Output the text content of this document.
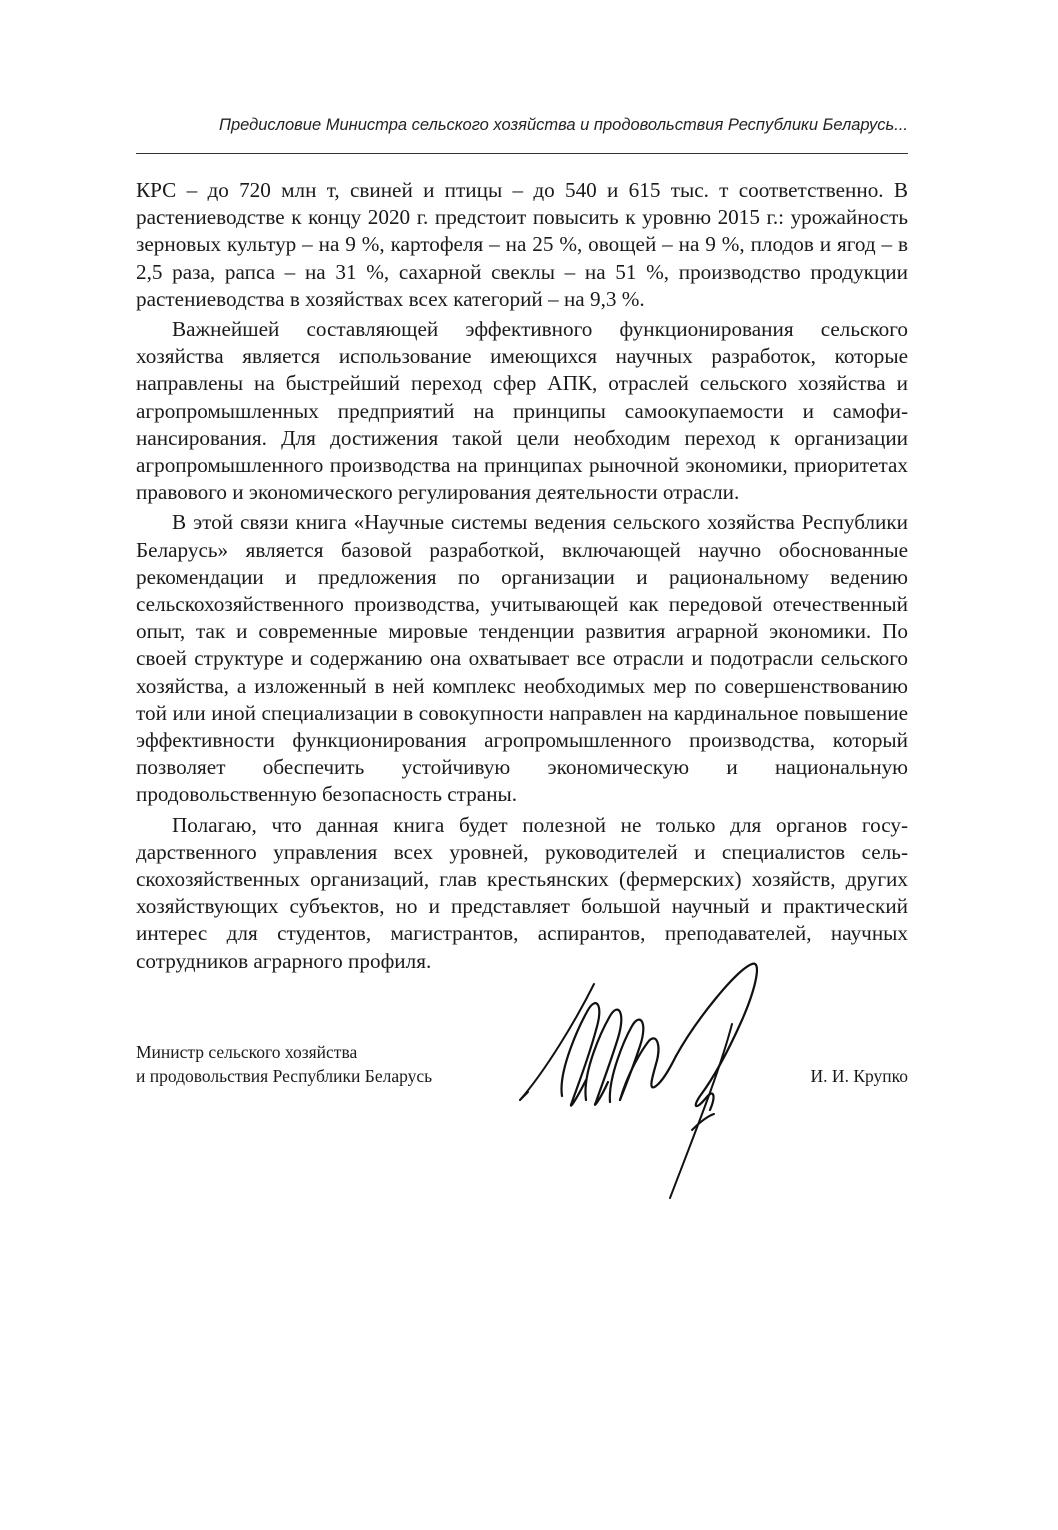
Предисловие Министра сельского хозяйства и продовольствия Республики Беларусь...

КРС – до 720 млн т, свиней и птицы – до 540 и 615 тыс. т соответственно. В растениеводстве к концу 2020 г. предстоит повысить к уровню 2015 г.: урожайность зерновых культур – на 9 %, картофеля – на 25 %, овощей – на 9 %, плодов и ягод – в 2,5 раза, рапса – на 31 %, сахарной свеклы – на 51 %, производство продукции растениеводства в хозяйствах всех категорий – на 9,3 %.

Важнейшей составляющей эффективного функционирования сельского хозяйства является использование имеющихся научных разработок, которые направлены на быстрейший переход сфер АПК, отраслей сельского хозяйства и агропромышленных предприятий на принципы самоокупаемости и самофинансирования. Для достижения такой цели необходим переход к организации агропромышленного производства на принципах рыночной экономики, приоритетах правового и экономического регулирования деятельности отрасли.

В этой связи книга «Научные системы ведения сельского хозяйства Республики Беларусь» является базовой разработкой, включающей научно обоснованные рекомендации и предложения по организации и рациональному ведению сельскохозяйственного производства, учитывающей как передовой отечественный опыт, так и современные мировые тенденции развития аграрной экономики. По своей структуре и содержанию она охватывает все отрасли и подотрасли сельского хозяйства, а изложенный в ней комплекс необходимых мер по совершенствованию той или иной специализации в совокупности направлен на кардинальное повышение эффективности функционирования агропромышленного производства, который позволяет обеспечить устойчивую экономическую и национальную продовольственную безопасность страны.

Полагаю, что данная книга будет полезной не только для органов государственного управления всех уровней, руководителей и специалистов сельскохозяйственных организаций, глав крестьянских (фермерских) хозяйств, других хозяйствующих субъектов, но и представляет большой научный и практический интерес для студентов, магистрантов, аспирантов, преподавателей, научных сотрудников аграрного профиля.

Министр сельского хозяйства
и продовольствия Республики Беларусь	И. И. Крупко
